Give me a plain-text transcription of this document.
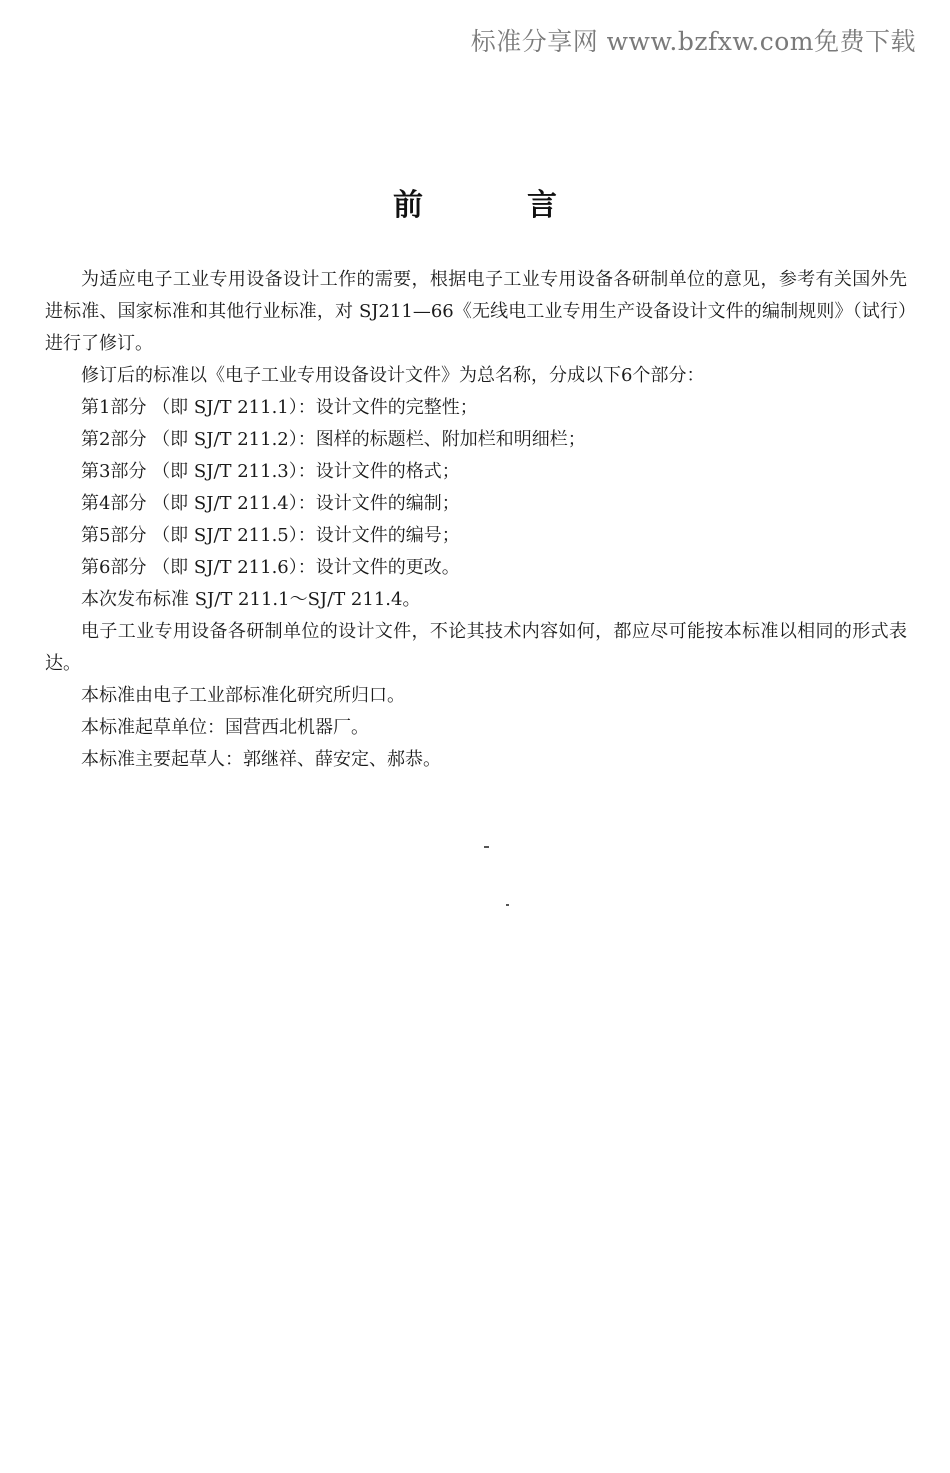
标准分享网 www.bzfxw.com免费下载
前言

为适应电子工业专用设备设计工作的需要，根据电子工业专用设备各研制单位的意见，参考有关国外先进标准、国家标准和其他行业标准，对 SJ211—66《无线电工业专用生产设备设计文件的编制规则》（试行）进行了修订。

修订后的标准以《电子工业专用设备设计文件》为总名称，分成以下6个部分：

第1部分 （即 SJ/T 211.1）：设计文件的完整性；
第2部分 （即 SJ/T 211.2）：图样的标题栏、附加栏和明细栏；
第3部分 （即 SJ/T 211.3）：设计文件的格式；
第4部分 （即 SJ/T 211.4）：设计文件的编制；
第5部分 （即 SJ/T 211.5）：设计文件的编号；
第6部分 （即 SJ/T 211.6）：设计文件的更改。

本次发布标准 SJ/T 211.1～SJ/T 211.4。

电子工业专用设备各研制单位的设计文件，不论其技术内容如何，都应尽可能按本标准以相同的形式表达。

本标准由电子工业部标准化研究所归口。

本标准起草单位：国营西北机器厂。

本标准主要起草人：郭继祥、薛安定、郝恭。
